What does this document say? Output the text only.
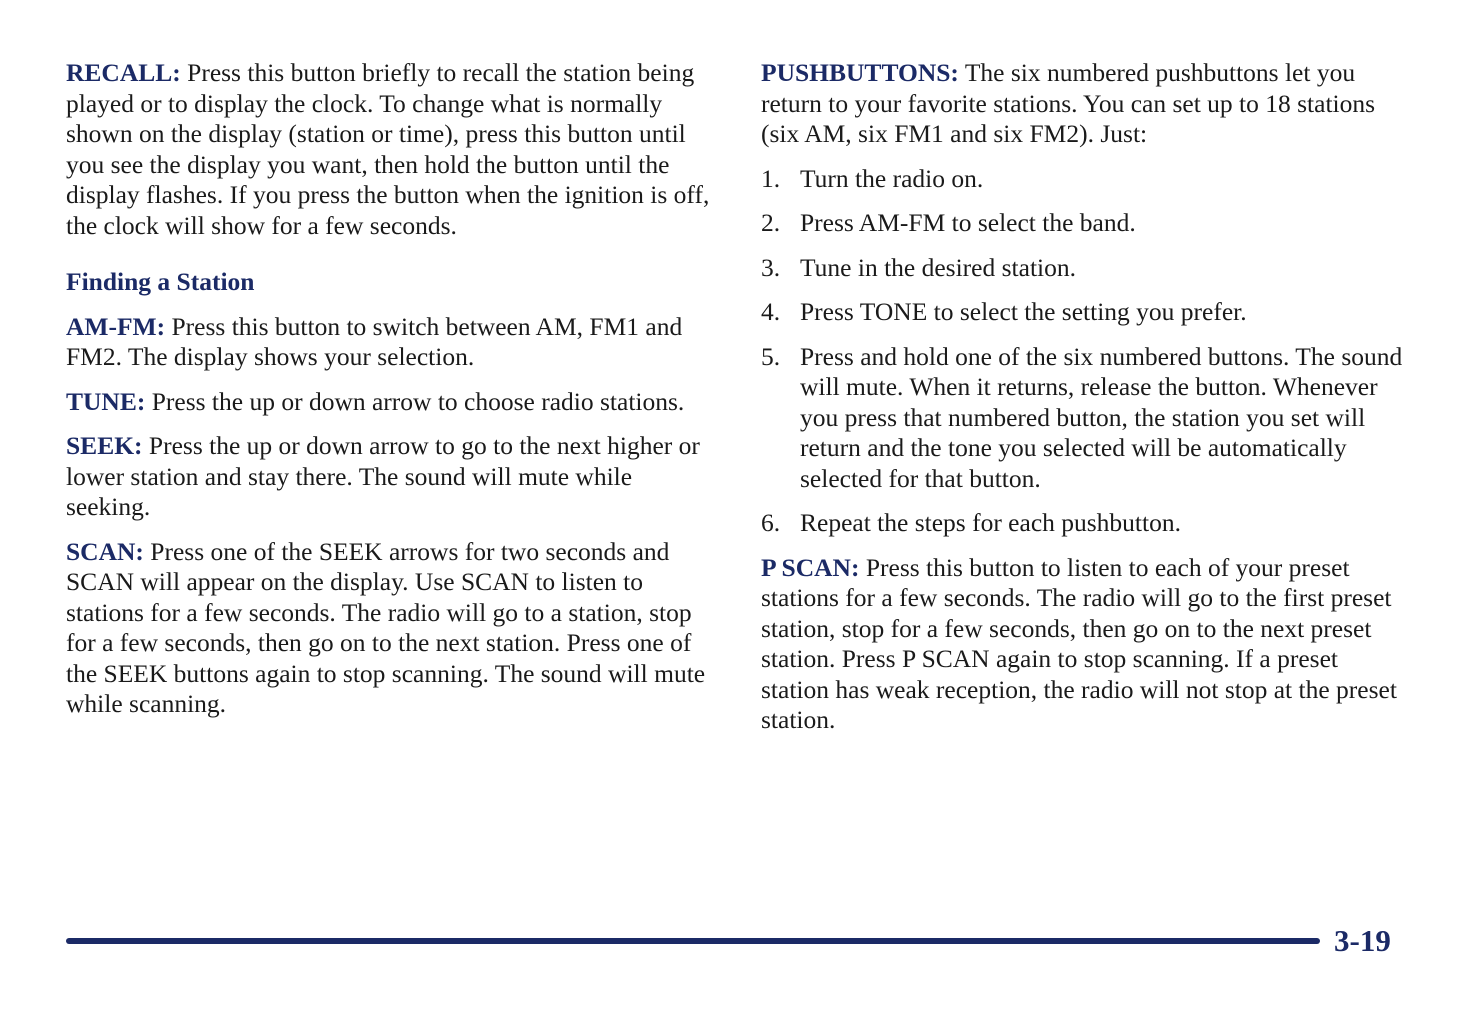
RECALL: Press this button briefly to recall the station being played or to display the clock. To change what is normally shown on the display (station or time), press this button until you see the display you want, then hold the button until the display flashes. If you press the button when the ignition is off, the clock will show for a few seconds.

Finding a Station

AM-FM: Press this button to switch between AM, FM1 and FM2. The display shows your selection.

TUNE: Press the up or down arrow to choose radio stations.

SEEK: Press the up or down arrow to go to the next higher or lower station and stay there. The sound will mute while seeking.

SCAN: Press one of the SEEK arrows for two seconds and SCAN will appear on the display. Use SCAN to listen to stations for a few seconds. The radio will go to a station, stop for a few seconds, then go on to the next station. Press one of the SEEK buttons again to stop scanning. The sound will mute while scanning.

PUSHBUTTONS: The six numbered pushbuttons let you return to your favorite stations. You can set up to 18 stations (six AM, six FM1 and six FM2). Just:

1. Turn the radio on.
2. Press AM-FM to select the band.
3. Tune in the desired station.
4. Press TONE to select the setting you prefer.
5. Press and hold one of the six numbered buttons. The sound will mute. When it returns, release the button. Whenever you press that numbered button, the station you set will return and the tone you selected will be automatically selected for that button.
6. Repeat the steps for each pushbutton.

P SCAN: Press this button to listen to each of your preset stations for a few seconds. The radio will go to the first preset station, stop for a few seconds, then go on to the next preset station. Press P SCAN again to stop scanning. If a preset station has weak reception, the radio will not stop at the preset station.

3-19
